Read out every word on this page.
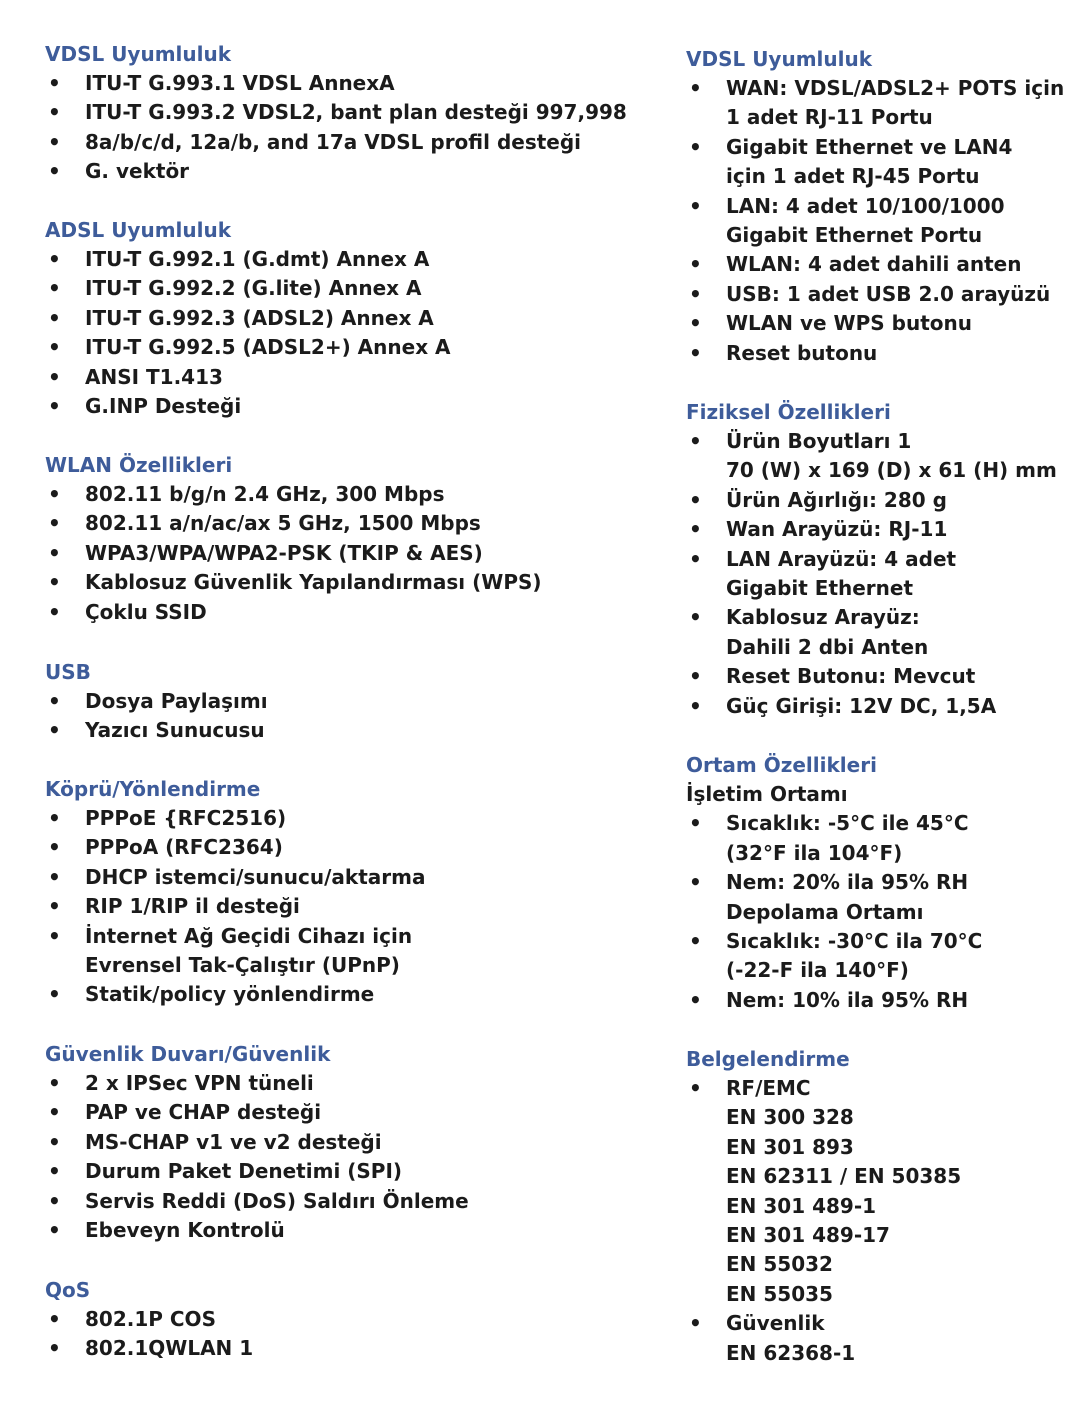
VDSL Uyumluluk
• ITU-T G.993.1 VDSL AnnexA
• ITU-T G.993.2 VDSL2, bant plan desteği 997,998
• 8a/b/c/d, 12a/b, and 17a VDSL profil desteği
• G. vektör
ADSL Uyumluluk
• ITU-T G.992.1 (G.dmt) Annex A
• ITU-T G.992.2 (G.lite) Annex A
• ITU-T G.992.3 (ADSL2) Annex A
• ITU-T G.992.5 (ADSL2+) Annex A
• ANSI T1.413
• G.INP Desteği
WLAN Özellikleri
• 802.11 b/g/n 2.4 GHz, 300 Mbps
• 802.11 a/n/ac/ax 5 GHz, 1500 Mbps
• WPA3/WPA/WPA2-PSK (TKIP & AES)
• Kablosuz Güvenlik Yapılandırması (WPS)
• Çoklu SSID
USB
• Dosya Paylaşımı
• Yazıcı Sunucusu
Köprü/Yönlendirme
• PPPoE {RFC2516)
• PPPoA (RFC2364)
• DHCP istemci/sunucu/aktarma
• RIP 1/RIP il desteği
• İnternet Ağ Geçidi Cihazı için
Evrensel Tak-Çalıştır (UPnP)
• Statik/policy yönlendirme
Güvenlik Duvarı/Güvenlik
• 2 x IPSec VPN tüneli
• PAP ve CHAP desteği
• MS-CHAP v1 ve v2 desteği
• Durum Paket Denetimi (SPI)
• Servis Reddi (DoS) Saldırı Önleme
• Ebeveyn Kontrolü
QoS
• 802.1P COS
• 802.1QWLAN 1
VDSL Uyumluluk
• WAN: VDSL/ADSL2+ POTS için
1 adet RJ-11 Portu
• Gigabit Ethernet ve LAN4
için 1 adet RJ-45 Portu
• LAN: 4 adet 10/100/1000
Gigabit Ethernet Portu
• WLAN: 4 adet dahili anten
• USB: 1 adet USB 2.0 arayüzü
• WLAN ve WPS butonu
• Reset butonu
Fiziksel Özellikleri
• Ürün Boyutları 1
70 (W) x 169 (D) x 61 (H) mm
• Ürün Ağırlığı: 280 g
• Wan Arayüzü: RJ-11
• LAN Arayüzü: 4 adet
Gigabit Ethernet
• Kablosuz Arayüz:
Dahili 2 dbi Anten
• Reset Butonu: Mevcut
• Güç Girişi: 12V DC, 1,5A
Ortam Özellikleri
İşletim Ortamı
• Sıcaklık: -5°C ile 45°C
(32°F ila 104°F)
• Nem: 20% ila 95% RH
Depolama Ortamı
• Sıcaklık: -30°C ila 70°C
(-22-F ila 140°F)
• Nem: 10% ila 95% RH
Belgelendirme
• RF/EMC
EN 300 328
EN 301 893
EN 62311 / EN 50385
EN 301 489-1
EN 301 489-17
EN 55032
EN 55035
• Güvenlik
EN 62368-1
